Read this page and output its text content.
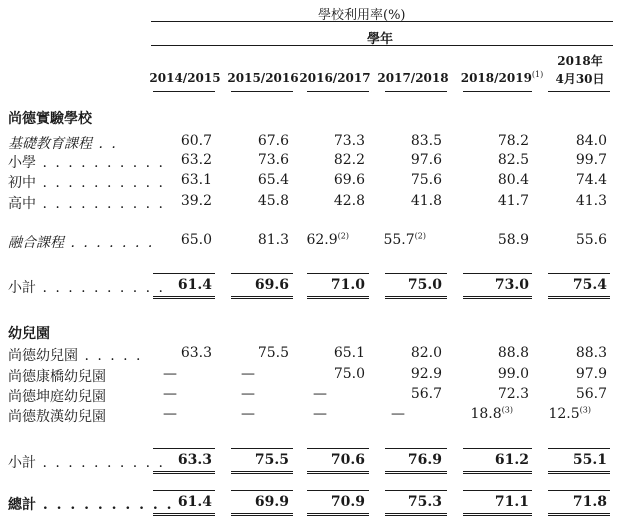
學校利用率(%)
學年
2014/2015 2015/2016 2016/2017 2017/2018	2018/2019$^{(1)}$
2018年
4月30日
尚德實驗學校
基礎教育課程 . .	60.7	67.6	73.3	83.5	78.2	84.0
小學 . . . . . . . . . . 63.2	73.6	82.2	97.6	82.5	99.7
初中 . . . . . . . . . . 63.1	65.4	69.6	75.6	80.4	74.4
高中 . . . . . . . . . . 39.2	45.8	42.8	41.8	41.7	41.3
融合課程 . . . . . . . 65.0	81.3 62.9$^{(2)}$ 55.7$^{(2)}$	58.9	55.6
小計 . . . . . . . . . . 61.4	69.6	71.0	75.0	73.0	75.4
幼兒園
尚德幼兒園 . . . . .	63.3	75.5	65.1	82.0	88.8	88.3
尚德康橋幼兒園	—	—	75.0	92.9	99.0	97.9
尚德坤庭幼兒園	—	—	—	56.7	72.3	56.7
尚德敖漢幼兒園	—	—	—	—	18.8$^{(3)}$	12.5$^{(3)}$
小計 . . . . . . . . . . 63.3	75.5	70.6	76.9	61.2	55.1
總計 . . . . . . . . . . 61.4	69.9	70.9	75.3	71.1	71.8
